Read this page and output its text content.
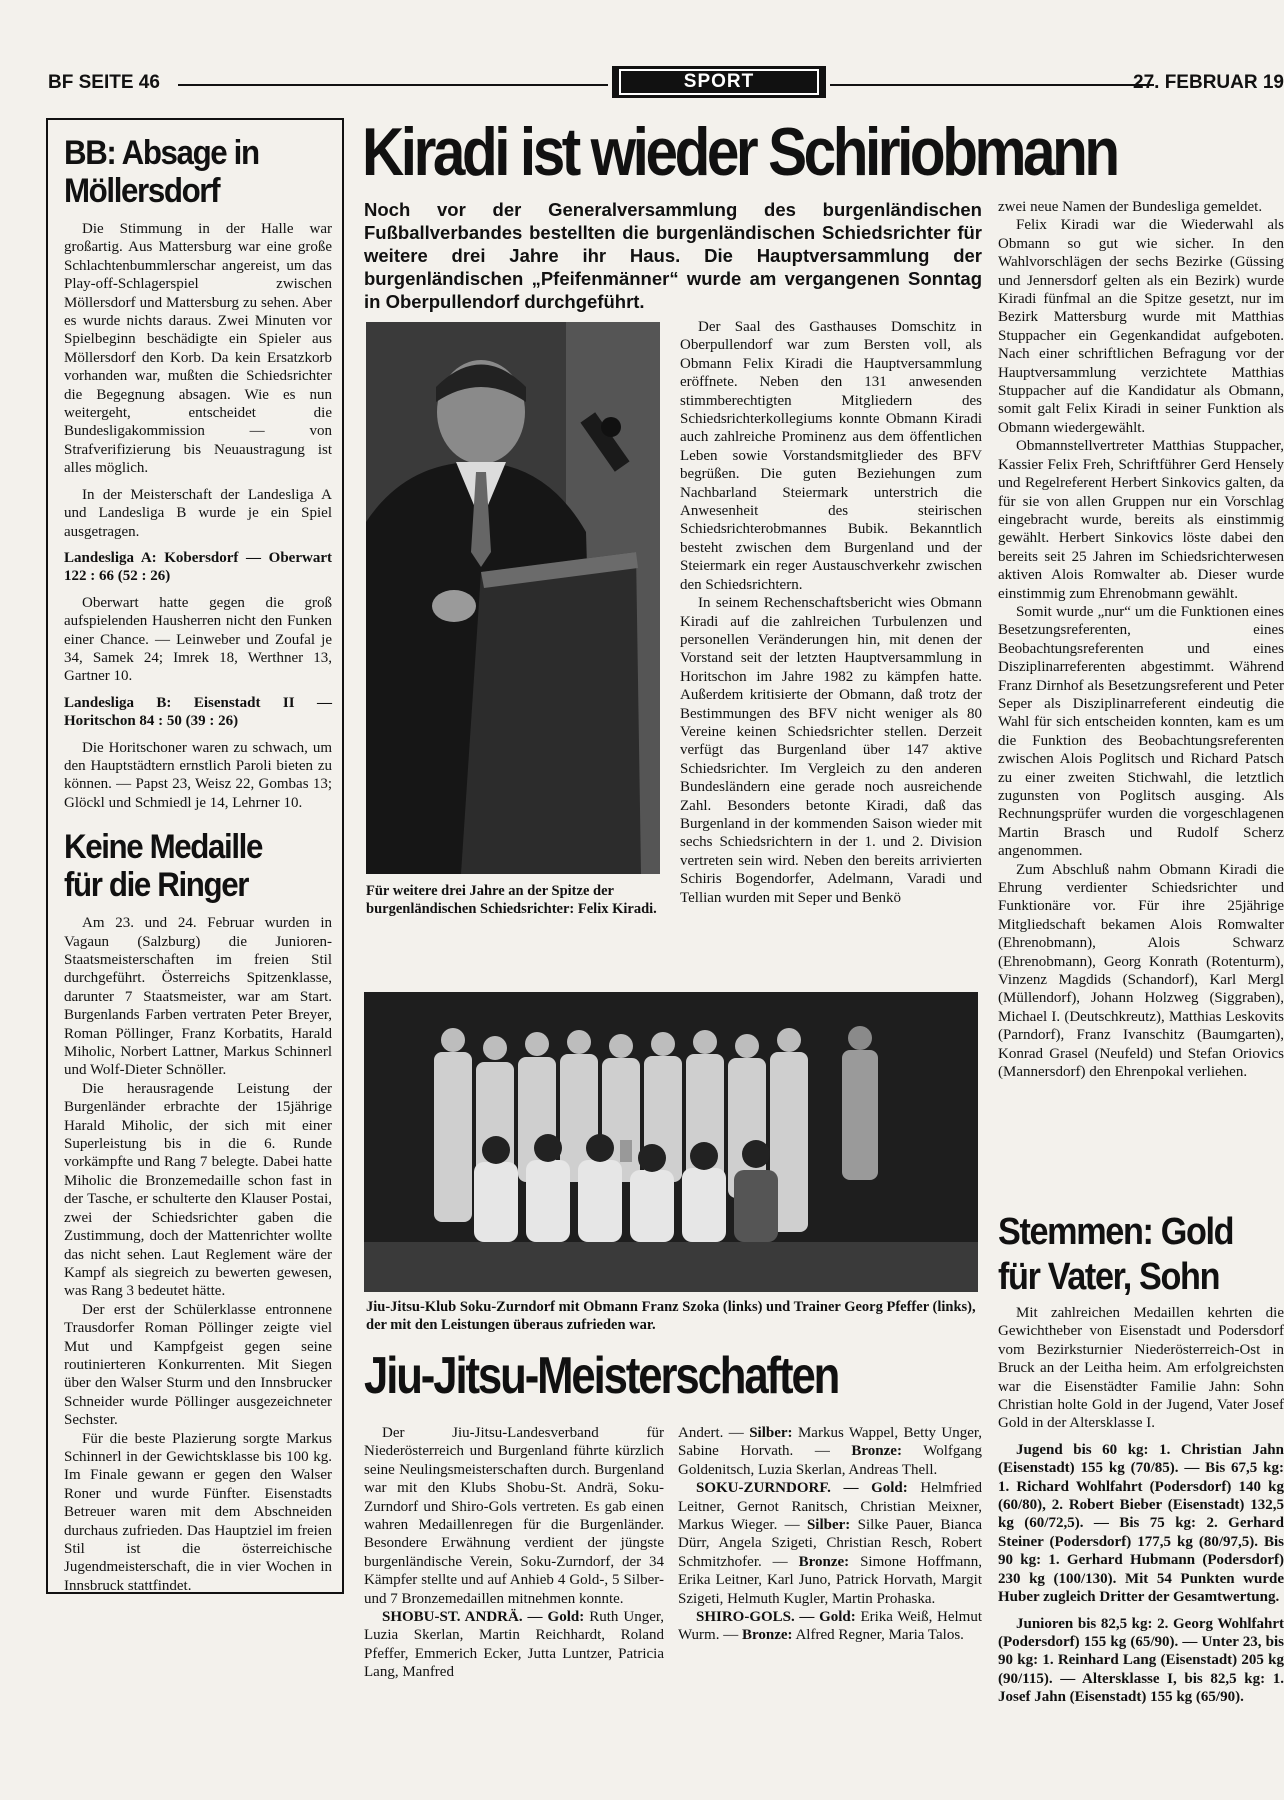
BF SEITE 46	SPORT	27. FEBRUAR 19
BB: Absage in
Möllersdorf

Die Stimmung in der Halle war großartig. Aus Mattersburg war eine große Schlachtenbummlerschar angereist, um das Play-off-Schlagerspiel zwischen Möllersdorf und Mattersburg zu sehen. Aber es wurde nichts daraus. Zwei Minuten vor Spielbeginn beschädigte ein Spieler aus Möllersdorf den Korb. Da kein Ersatzkorb vorhanden war, mußten die Schiedsrichter die Begegnung absagen. Wie es nun weitergeht, entscheidet die Bundesligakommission — von Strafverifizierung bis Neuaustragung ist alles möglich.

In der Meisterschaft der Landesliga A und Landesliga B wurde je ein Spiel ausgetragen.

Landesliga A: Kobersdorf — Oberwart 122 : 66 (52 : 26)

Oberwart hatte gegen die groß aufspielenden Hausherren nicht den Funken einer Chance. — Leinweber und Zoufal je 34, Samek 24; Imrek 18, Werthner 13, Gartner 10.

Landesliga B: Eisenstadt II — Horitschon 84 : 50 (39 : 26)

Die Horitschoner waren zu schwach, um den Hauptstädtern ernstlich Paroli bieten zu können. — Papst 23, Weisz 22, Gombas 13; Glöckl und Schmiedl je 14, Lehrner 10.

Keine Medaille
für die Ringer

Am 23. und 24. Februar wurden in Vagaun (Salzburg) die Junioren-Staatsmeisterschaften im freien Stil durchgeführt. Österreichs Spitzenklasse, darunter 7 Staatsmeister, war am Start. Burgenlands Farben vertraten Peter Breyer, Roman Pöllinger, Franz Korbatits, Harald Miholic, Norbert Lattner, Markus Schinnerl und Wolf-Dieter Schnöller.

Die herausragende Leistung der Burgenländer erbrachte der 15jährige Harald Miholic, der sich mit einer Superleistung bis in die 6. Runde vorkämpfte und Rang 7 belegte. Dabei hatte Miholic die Bronzemedaille schon fast in der Tasche, er schulterte den Klauser Postai, zwei der Schiedsrichter gaben die Zustimmung, doch der Mattenrichter wollte das nicht sehen. Laut Reglement wäre der Kampf als siegreich zu bewerten gewesen, was Rang 3 bedeutet hätte.

Der erst der Schülerklasse entronnene Trausdorfer Roman Pöllinger zeigte viel Mut und Kampfgeist gegen seine routinierteren Konkurrenten. Mit Siegen über den Walser Sturm und den Innsbrucker Schneider wurde Pöllinger ausgezeichneter Sechster.

Für die beste Plazierung sorgte Markus Schinnerl in der Gewichtsklasse bis 100 kg. Im Finale gewann er gegen den Walser Roner und wurde Fünfter. Eisenstadts Betreuer waren mit dem Abschneiden durchaus zufrieden. Das Hauptziel im freien Stil ist die österreichische Jugendmeisterschaft, die in vier Wochen in Innsbruck stattfindet.

Kiradi ist wieder Schiriobmann
Noch vor der Generalversammlung des burgenländischen Fußballverbandes bestellten die burgenländischen Schiedsrichter für weitere drei Jahre ihr Haus. Die Hauptversammlung der burgenländischen „Pfeifenmänner“ wurde am vergangenen Sonntag in Oberpullendorf durchgeführt.
Für weitere drei Jahre an der Spitze der burgenländischen Schiedsrichter: Felix Kiradi.

Der Saal des Gasthauses Domschitz in Oberpullendorf war zum Bersten voll, als Obmann Felix Kiradi die Hauptversammlung eröffnete. Neben den 131 anwesenden stimmberechtigten Mitgliedern des Schiedsrichterkollegiums konnte Obmann Kiradi auch zahlreiche Prominenz aus dem öffentlichen Leben sowie Vorstandsmitglieder des BFV begrüßen. Die guten Beziehungen zum Nachbarland Steiermark unterstrich die Anwesenheit des steirischen Schiedsrichterobmannes Bubik. Bekanntlich besteht zwischen dem Burgenland und der Steiermark ein reger Austauschverkehr zwischen den Schiedsrichtern.

In seinem Rechenschaftsbericht wies Obmann Kiradi auf die zahlreichen Turbulenzen und personellen Veränderungen hin, mit denen der Vorstand seit der letzten Hauptversammlung in Horitschon im Jahre 1982 zu kämpfen hatte. Außerdem kritisierte der Obmann, daß trotz der Bestimmungen des BFV nicht weniger als 80 Vereine keinen Schiedsrichter stellen. Derzeit verfügt das Burgenland über 147 aktive Schiedsrichter. Im Vergleich zu den anderen Bundesländern eine gerade noch ausreichende Zahl. Besonders betonte Kiradi, daß das Burgenland in der kommenden Saison wieder mit sechs Schiedsrichtern in der 1. und 2. Division vertreten sein wird. Neben den bereits arrivierten Schiris Bogendorfer, Adelmann, Varadi und Tellian wurden mit Seper und Benkö

zwei neue Namen der Bundesliga gemeldet.

Felix Kiradi war die Wiederwahl als Obmann so gut wie sicher. In den Wahlvorschlägen der sechs Bezirke (Güssing und Jennersdorf gelten als ein Bezirk) wurde Kiradi fünfmal an die Spitze gesetzt, nur im Bezirk Mattersburg wurde mit Matthias Stuppacher ein Gegenkandidat aufgeboten. Nach einer schriftlichen Befragung vor der Hauptversammlung verzichtete Matthias Stuppacher auf die Kandidatur als Obmann, somit galt Felix Kiradi in seiner Funktion als Obmann wiedergewählt.

Obmannstellvertreter Matthias Stuppacher, Kassier Felix Freh, Schriftführer Gerd Hensely und Regelreferent Herbert Sinkovics galten, da für sie von allen Gruppen nur ein Vorschlag eingebracht wurde, bereits als einstimmig gewählt. Herbert Sinkovics löste dabei den bereits seit 25 Jahren im Schiedsrichterwesen aktiven Alois Romwalter ab. Dieser wurde einstimmig zum Ehrenobmann gewählt.

Somit wurde „nur“ um die Funktionen eines Besetzungsreferenten, eines Beobachtungsreferenten und eines Disziplinarreferenten abgestimmt. Während Franz Dirnhof als Besetzungsreferent und Peter Seper als Disziplinarreferent eindeutig die Wahl für sich entscheiden konnten, kam es um die Funktion des Beobachtungsreferenten zwischen Alois Poglitsch und Richard Patsch zu einer zweiten Stichwahl, die letztlich zugunsten von Poglitsch ausging. Als Rechnungsprüfer wurden die vorgeschlagenen Martin Brasch und Rudolf Scherz angenommen.

Zum Abschluß nahm Obmann Kiradi die Ehrung verdienter Schiedsrichter und Funktionäre vor. Für ihre 25jährige Mitgliedschaft bekamen Alois Romwalter (Ehrenobmann), Alois Schwarz (Ehrenobmann), Georg Konrath (Rotenturm), Vinzenz Magdids (Schandorf), Karl Mergl (Müllendorf), Johann Holzweg (Siggraben), Michael I. (Deutschkreutz), Matthias Leskovits (Parndorf), Franz Ivanschitz (Baumgarten), Konrad Grasel (Neufeld) und Stefan Oriovics (Mannersdorf) den Ehrenpokal verliehen.

Jiu-Jitsu-Klub Soku-Zurndorf mit Obmann Franz Szoka (links) und Trainer Georg Pfeffer (links), der mit den Leistungen überaus zufrieden war.
Jiu-Jitsu-Meisterschaften

Der Jiu-Jitsu-Landesverband für Niederösterreich und Burgenland führte kürzlich seine Neulingsmeisterschaften durch. Burgenland war mit den Klubs Shobu-St. Andrä, Soku-Zurndorf und Shiro-Gols vertreten. Es gab einen wahren Medaillenregen für die Burgenländer. Besondere Erwähnung verdient der jüngste burgenländische Verein, Soku-Zurndorf, der 34 Kämpfer stellte und auf Anhieb 4 Gold-, 5 Silber- und 7 Bronzemedaillen mitnehmen konnte.

SHOBU-ST. ANDRÄ. — Gold: Ruth Unger, Luzia Skerlan, Martin Reichhardt, Roland Pfeffer, Emmerich Ecker, Jutta Luntzer, Patricia Lang, Manfred

Andert. — Silber: Markus Wappel, Betty Unger, Sabine Horvath. — Bronze: Wolfgang Goldenitsch, Luzia Skerlan, Andreas Thell.

SOKU-ZURNDORF. — Gold: Helmfried Leitner, Gernot Ranitsch, Christian Meixner, Markus Wieger. — Silber: Silke Pauer, Bianca Dürr, Angela Szigeti, Christian Resch, Robert Schmitzhofer. — Bronze: Simone Hoffmann, Erika Leitner, Karl Juno, Patrick Horvath, Margit Szigeti, Helmuth Kugler, Martin Prohaska.

SHIRO-GOLS. — Gold: Erika Weiß, Helmut Wurm. — Bronze: Alfred Regner, Maria Talos.

Stemmen: Gold
für Vater, Sohn

Mit zahlreichen Medaillen kehrten die Gewichtheber von Eisenstadt und Podersdorf vom Bezirksturnier Niederösterreich-Ost in Bruck an der Leitha heim. Am erfolgreichsten war die Eisenstädter Familie Jahn: Sohn Christian holte Gold in der Jugend, Vater Josef Gold in der Altersklasse I.

Jugend bis 60 kg: 1. Christian Jahn (Eisenstadt) 155 kg (70/85). — Bis 67,5 kg: 1. Richard Wohlfahrt (Podersdorf) 140 kg (60/80), 2. Robert Bieber (Eisenstadt) 132,5 kg (60/72,5). — Bis 75 kg: 2. Gerhard Steiner (Podersdorf) 177,5 kg (80/97,5). Bis 90 kg: 1. Gerhard Hubmann (Podersdorf) 230 kg (100/130). Mit 54 Punkten wurde Huber zugleich Dritter der Gesamtwertung.

Junioren bis 82,5 kg: 2. Georg Wohlfahrt (Podersdorf) 155 kg (65/90). — Unter 23, bis 90 kg: 1. Reinhard Lang (Eisenstadt) 205 kg (90/115). — Altersklasse I, bis 82,5 kg: 1. Josef Jahn (Eisenstadt) 155 kg (65/90).
